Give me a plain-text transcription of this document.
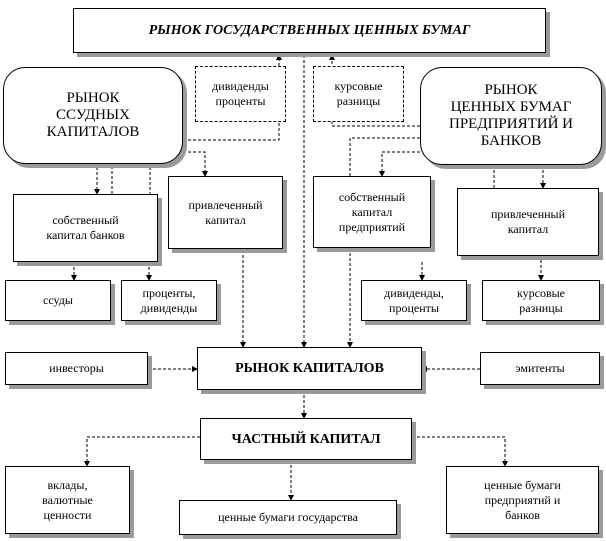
РЫНОК ГОСУДАРСТВЕННЫХ ЦЕННЫХ БУМАГ
РЫНОК
ССУДНЫХ
КАПИТАЛОВ
дивиденды
проценты
курсовые
разницы
РЫНОК
ЦЕННЫХ БУМАГ
ПРЕДПРИЯТИЙ И
БАНКОВ
собственный
капитал банков
привлеченный
капитал
собственный
капитал
предприятий
привлеченный
капитал
ссуды
проценты,
дивиденды
дивиденды,
проценты
курсовые
разницы
инвесторы	РЫНОК КАПИТАЛОВ	эмитенты
ЧАСТНЫЙ КАПИТАЛ
вклады,
валютные
ценности	ценные бумаги государства
ценные бумаги
предприятий и
банков
